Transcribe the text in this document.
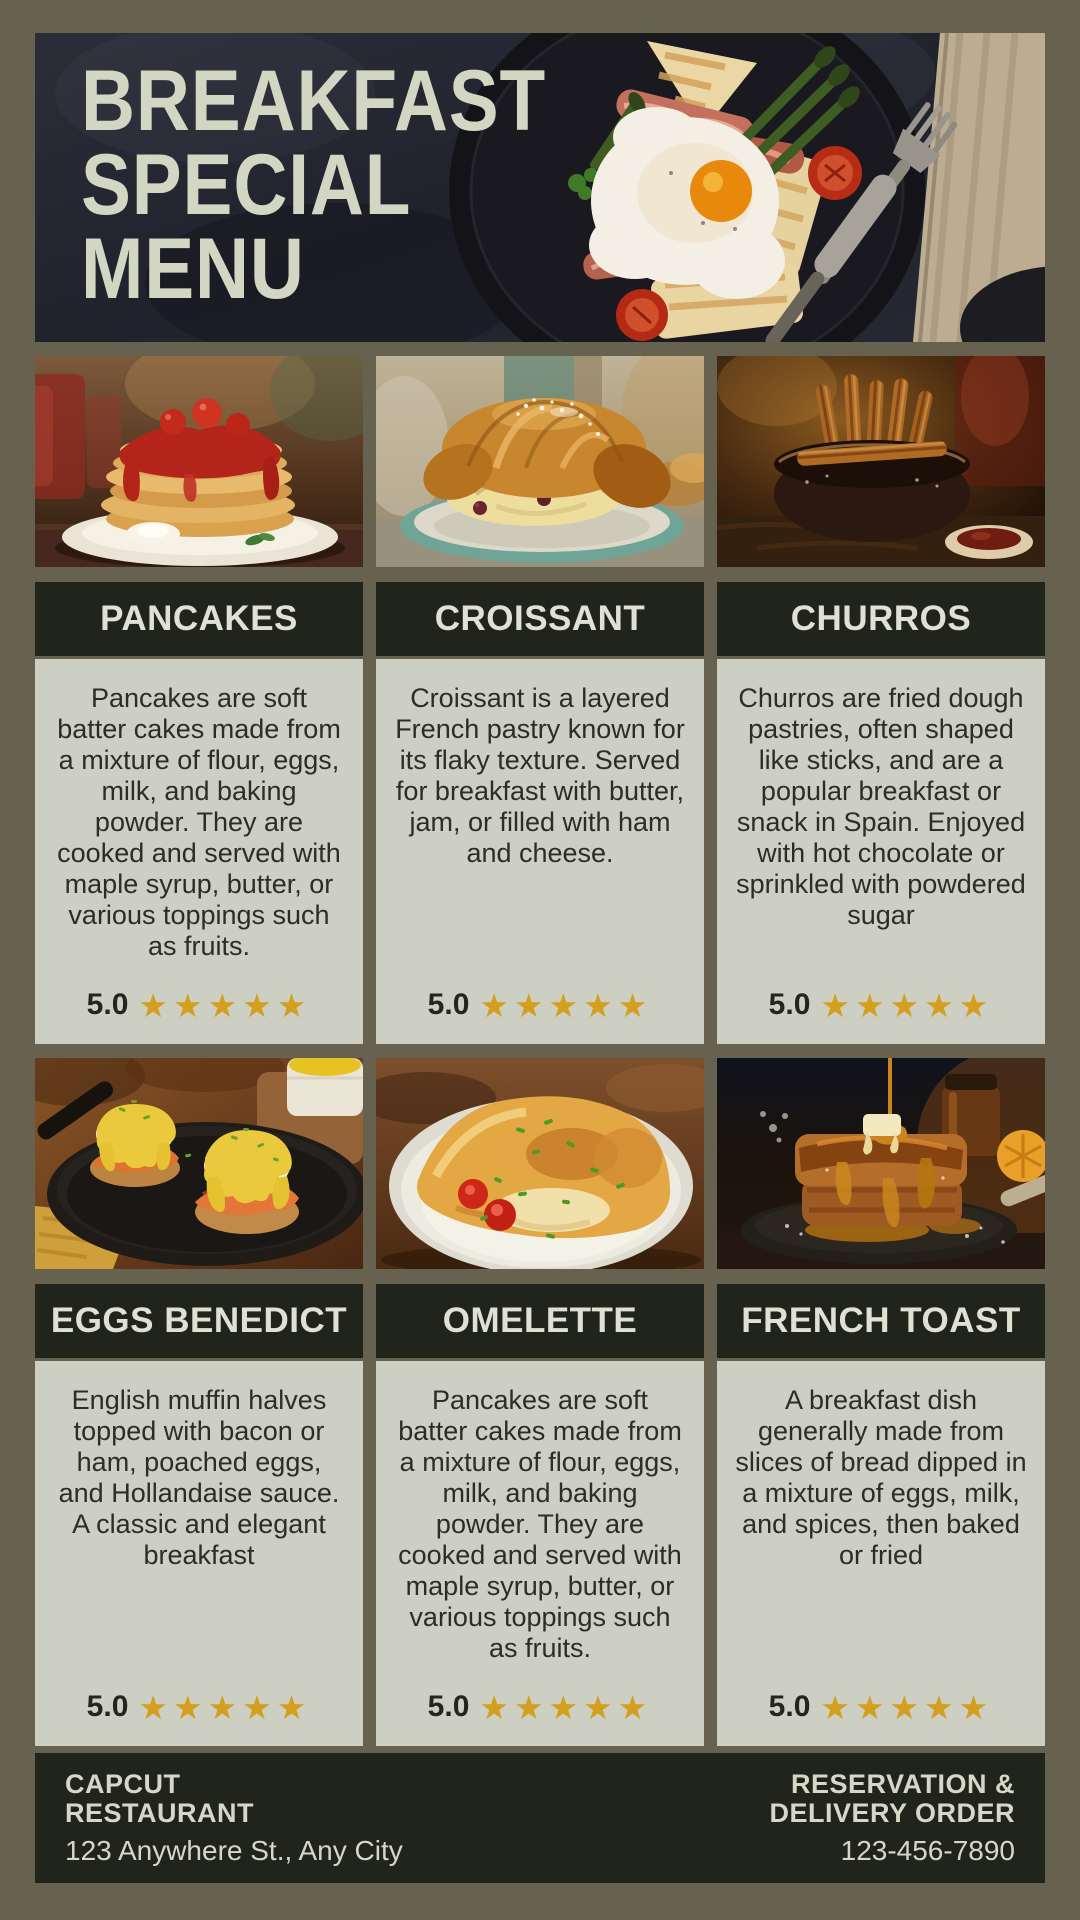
BREAKFAST
SPECIAL
MENU
PANCAKES
Pancakes are soft batter cakes made from a mixture of flour, eggs, milk, and baking powder. They are cooked and served with maple syrup, butter, or various toppings such as fruits.
5.0 ★★★★★
CROISSANT
Croissant is a layered French pastry known for its flaky texture. Served for breakfast with butter, jam, or filled with ham and cheese.
5.0 ★★★★★
CHURROS
Churros are fried dough pastries, often shaped like sticks, and are a popular breakfast or snack in Spain. Enjoyed with hot chocolate or sprinkled with powdered sugar
5.0 ★★★★★
EGGS BENEDICT
English muffin halves topped with bacon or ham, poached eggs, and Hollandaise sauce. A classic and elegant breakfast
5.0 ★★★★★
OMELETTE
Pancakes are soft batter cakes made from a mixture of flour, eggs, milk, and baking powder. They are cooked and served with maple syrup, butter, or various toppings such as fruits.
5.0 ★★★★★
FRENCH TOAST
A breakfast dish generally made from slices of bread dipped in a mixture of eggs, milk, and spices, then baked or fried
5.0 ★★★★★
CAPCUT
RESTAURANT
123 Anywhere St., Any City
RESERVATION &
DELIVERY ORDER
123-456-7890
